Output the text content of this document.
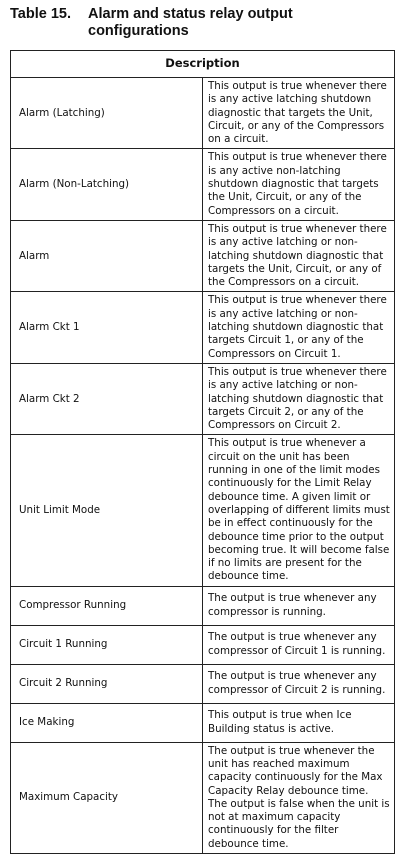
Table 15. Alarm and status relay output configurations
Description	
Alarm (Latching)	This output is true whenever there is any active latching shutdown diagnostic that targets the Unit, Circuit, or any of the Compressors on a circuit.
Alarm (Non-Latching)	This output is true whenever there is any active non-latching shutdown diagnostic that targets the Unit, Circuit, or any of the Compressors on a circuit.
Alarm	This output is true whenever there is any active latching or non-latching shutdown diagnostic that targets the Unit, Circuit, or any of the Compressors on a circuit.
Alarm Ckt 1	This output is true whenever there is any active latching or non-latching shutdown diagnostic that targets Circuit 1, or any of the Compressors on Circuit 1.
Alarm Ckt 2	This output is true whenever there is any active latching or non-latching shutdown diagnostic that targets Circuit 2, or any of the Compressors on Circuit 2.
Unit Limit Mode	This output is true whenever a circuit on the unit has been running in one of the limit modes continuously for the Limit Relay debounce time. A given limit or overlapping of different limits must be in effect continuously for the debounce time prior to the output becoming true. It will become false if no limits are present for the debounce time.
Compressor Running	The output is true whenever any compressor is running.
Circuit 1 Running	The output is true whenever any compressor of Circuit 1 is running.
Circuit 2 Running	The output is true whenever any compressor of Circuit 2 is running.
Ice Making	This output is true when Ice Building status is active.
Maximum Capacity	The output is true whenever the unit has reached maximum capacity continuously for the Max Capacity Relay debounce time. The output is false when the unit is not at maximum capacity continuously for the filter debounce time.
